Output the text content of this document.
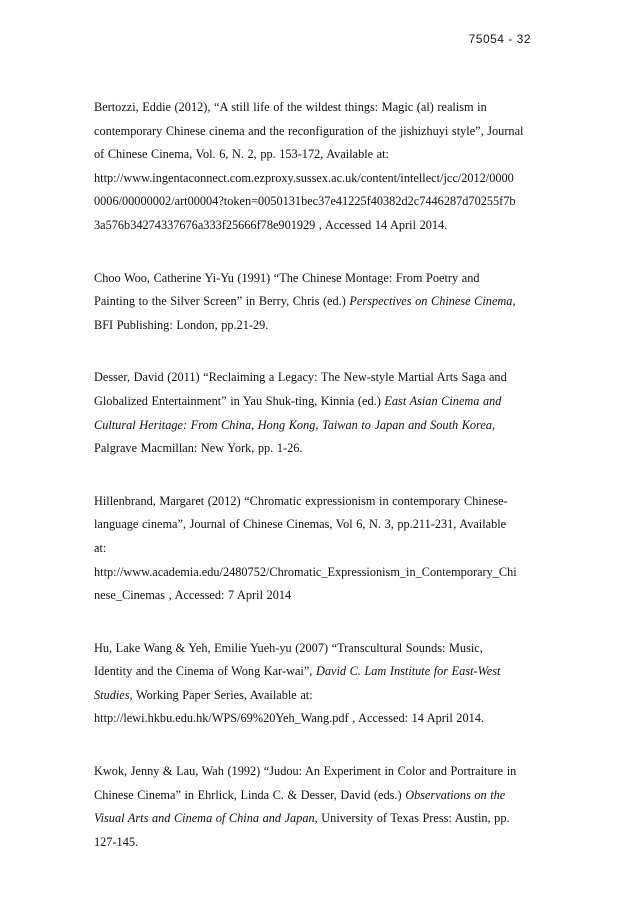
75054 - 32
Bertozzi, Eddie (2012), “A still life of the wildest things: Magic (al) realism in
contemporary Chinese cinema and the reconfiguration of the jishizhuyi style”, Journal
of Chinese Cinema, Vol. 6, N. 2, pp. 153-172, Available at:
http://www.ingentaconnect.com.ezproxy.sussex.ac.uk/content/intellect/jcc/2012/0000
0006/00000002/art00004?token=0050131bec37e41225f40382d2c7446287d70255f7b
3a576b34274337676a333f25666f78e901929 , Accessed 14 April 2014.
Choo Woo, Catherine Yi-Yu (1991) “The Chinese Montage: From Poetry and
Painting to the Silver Screen” in Berry, Chris (ed.) Perspectives on Chinese Cinema,
BFI Publishing: London, pp.21-29.
Desser, David (2011) “Reclaiming a Legacy: The New-style Martial Arts Saga and
Globalized Entertainment” in Yau Shuk-ting, Kinnia (ed.) East Asian Cinema and
Cultural Heritage: From China, Hong Kong, Taiwan to Japan and South Korea,
Palgrave Macmillan: New York, pp. 1-26.
Hillenbrand, Margaret (2012) “Chromatic expressionism in contemporary Chinese-
language cinema”, Journal of Chinese Cinemas, Vol 6, N. 3, pp.211-231, Available
at:
http://www.academia.edu/2480752/Chromatic_Expressionism_in_Contemporary_Chi
nese_Cinemas , Accessed: 7 April 2014
Hu, Lake Wang & Yeh, Emilie Yueh-yu (2007) “Transcultural Sounds: Music,
Identity and the Cinema of Wong Kar-wai”, David C. Lam Institute for East-West
Studies, Working Paper Series, Available at:
http://lewi.hkbu.edu.hk/WPS/69%20Yeh_Wang.pdf , Accessed: 14 April 2014.
Kwok, Jenny & Lau, Wah (1992) “Judou: An Experiment in Color and Portraiture in
Chinese Cinema” in Ehrlick, Linda C. & Desser, David (eds.) Observations on the
Visual Arts and Cinema of China and Japan, University of Texas Press: Austin, pp.
127-145.
